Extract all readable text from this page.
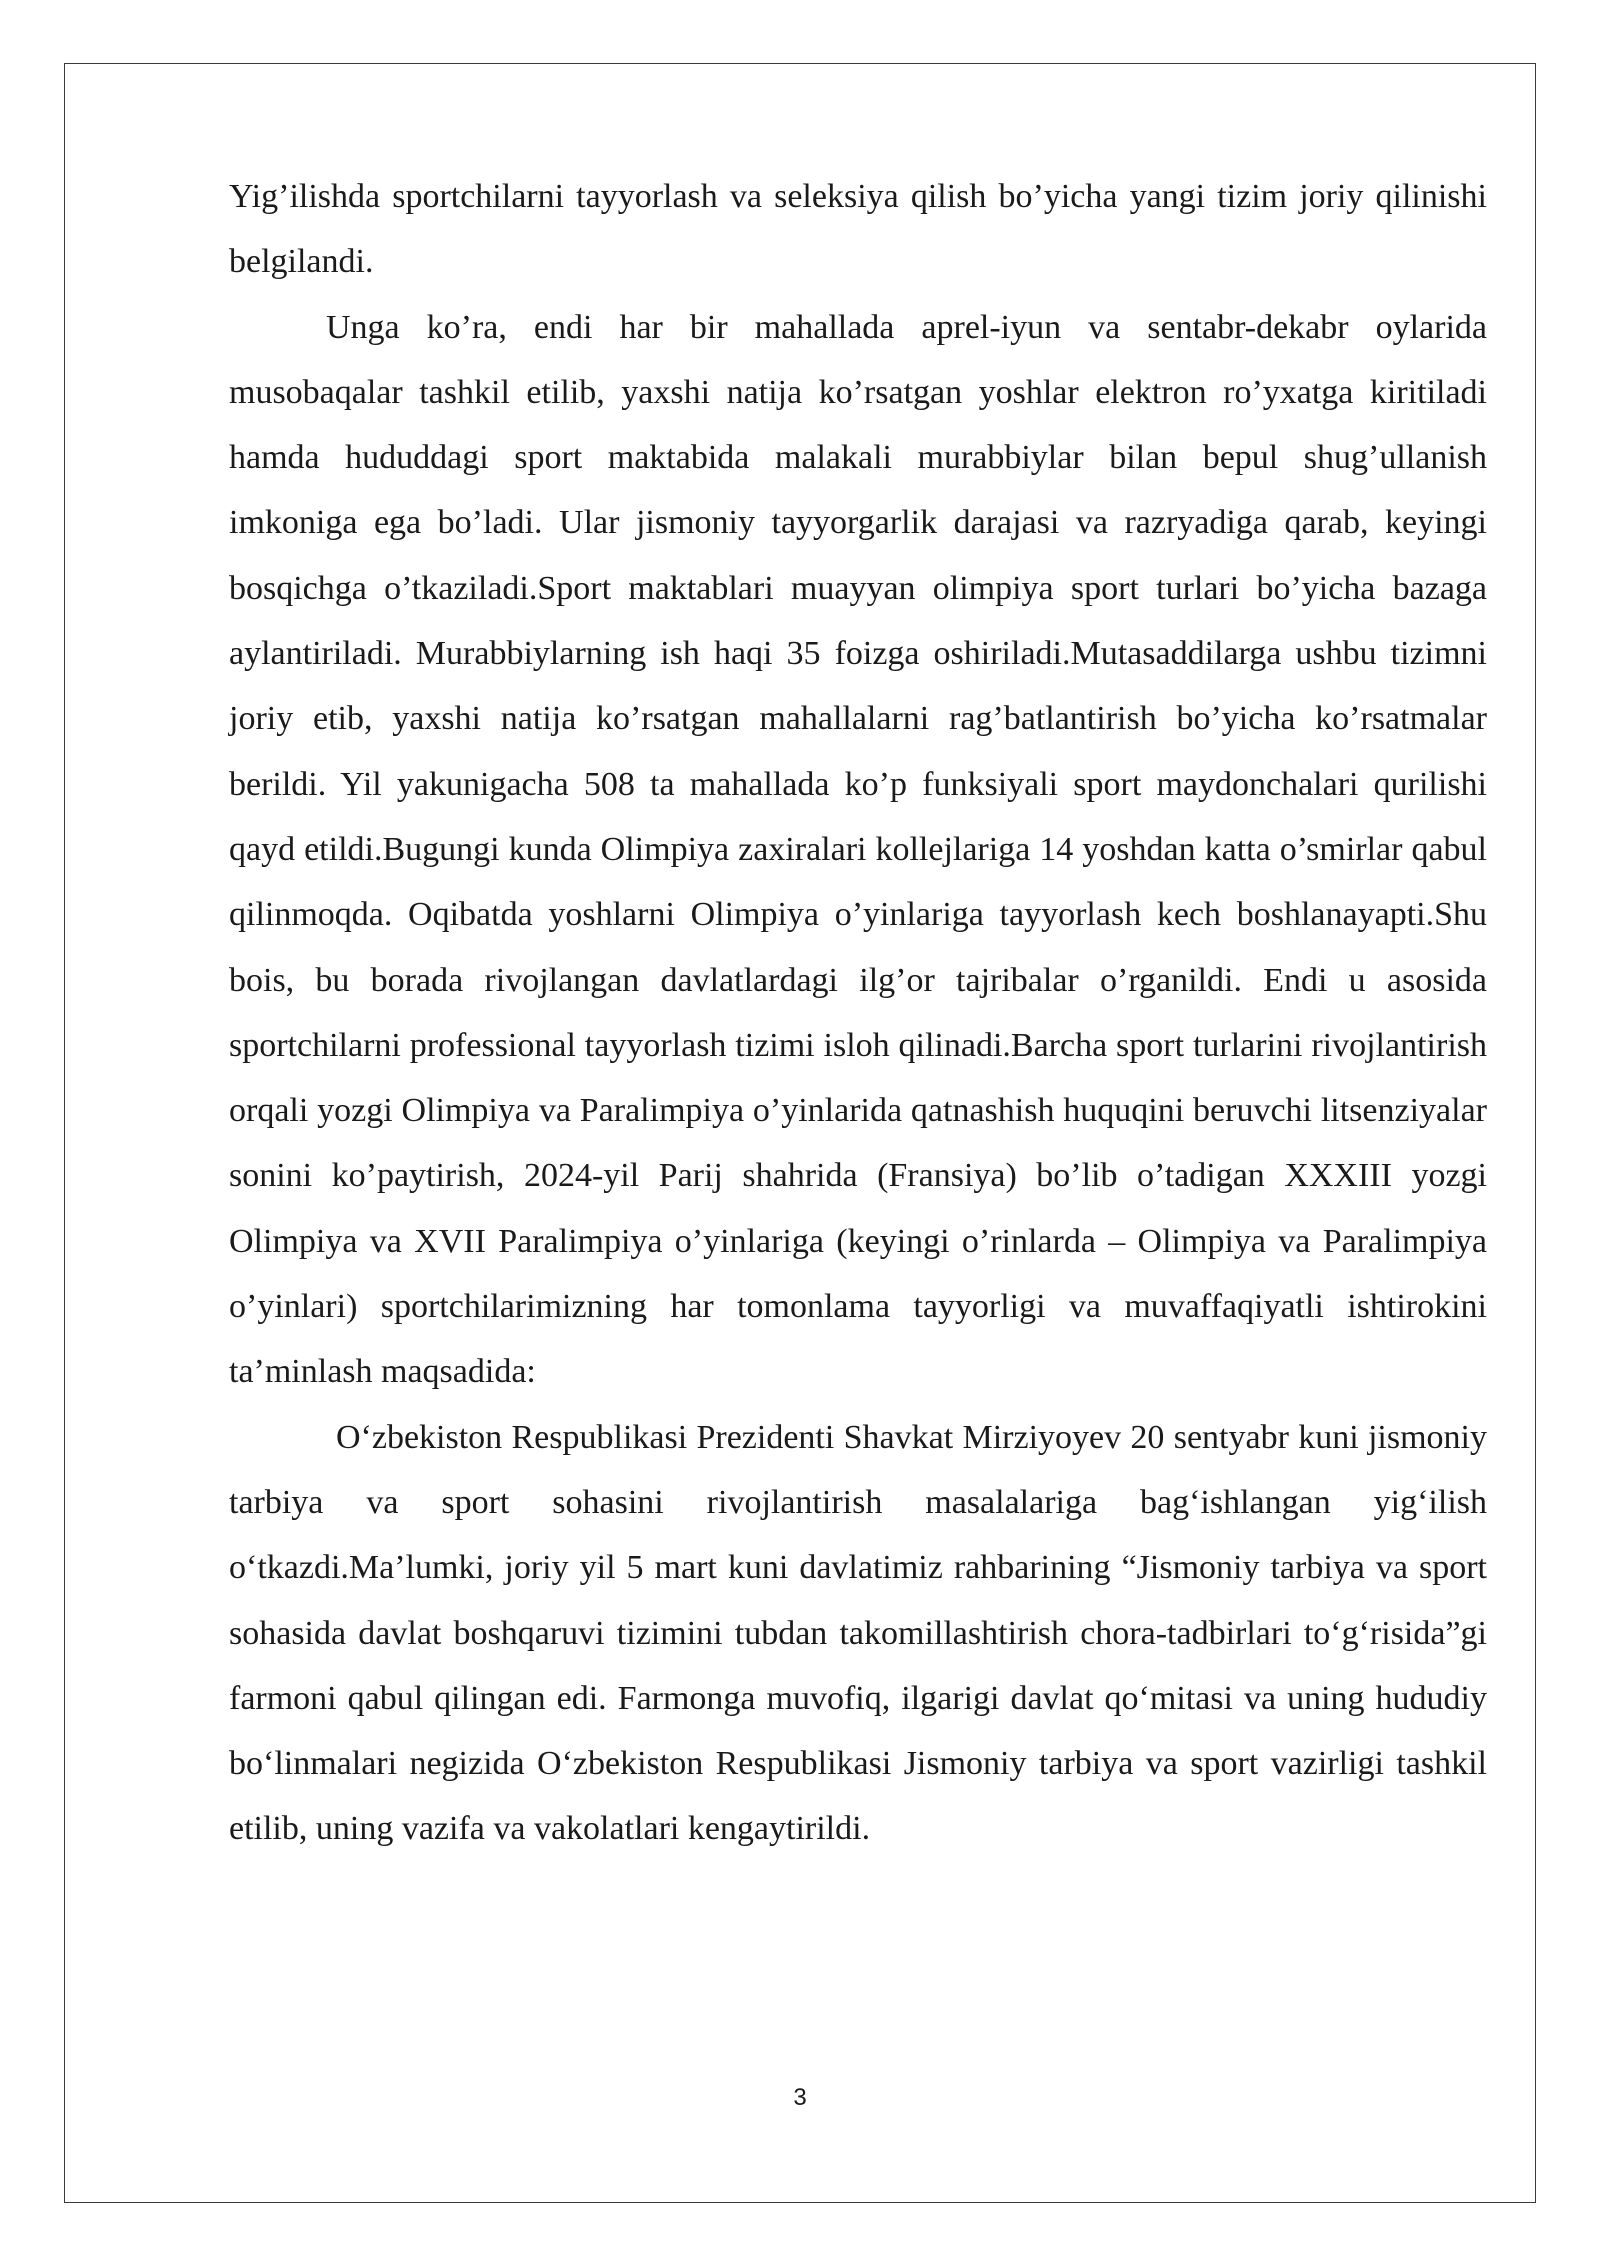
Yig’ilishda sportchilarni tayyorlash va seleksiya qilish bo’yicha yangi tizim joriy qilinishi belgilandi.

Unga ko’ra, endi har bir mahallada aprel-iyun va sentabr-dekabr oylarida musobaqalar tashkil etilib, yaxshi natija ko’rsatgan yoshlar elektron ro’yxatga kiritiladi hamda hududdagi sport maktabida malakali murabbiylar bilan bepul shug’ullanish imkoniga ega bo’ladi. Ular jismoniy tayyorgarlik darajasi va razryadiga qarab, keyingi bosqichga o’tkaziladi.Sport maktablari muayyan olimpiya sport turlari bo’yicha bazaga aylantiriladi. Murabbiylarning ish haqi 35 foizga oshiriladi.Mutasaddilarga ushbu tizimni joriy etib, yaxshi natija ko’rsatgan mahallalarni rag’batlantirish bo’yicha ko’rsatmalar berildi. Yil yakunigacha 508 ta mahallada ko’p funksiyali sport maydonchalari qurilishi qayd etildi.Bugungi kunda Olimpiya zaxiralari kollejlariga 14 yoshdan katta o’smirlar qabul qilinmoqda. Oqibatda yoshlarni Olimpiya o’yinlariga tayyorlash kech boshlanayapti.Shu bois, bu borada rivojlangan davlatlardagi ilg’or tajribalar o’rganildi. Endi u asosida sportchilarni professional tayyorlash tizimi isloh qilinadi.Barcha sport turlarini rivojlantirish orqali yozgi Olimpiya va Paralimpiya o’yinlarida qatnashish huquqini beruvchi litsenziyalar sonini ko’paytirish, 2024-yil Parij shahrida (Fransiya) bo’lib o’tadigan XXXIII yozgi Olimpiya va XVII Paralimpiya o’yinlariga (keyingi o’rinlarda – Olimpiya va Paralimpiya o’yinlari) sportchilarimizning har tomonlama tayyorligi va muvaffaqiyatli ishtirokini ta’minlash maqsadida:

O‘zbekiston Respublikasi Prezidenti Shavkat Mirziyoyev 20 sentyabr kuni jismoniy tarbiya va sport sohasini rivojlantirish masalalariga bag‘ishlangan yig‘ilish o‘tkazdi.Ma’lumki, joriy yil 5 mart kuni davlatimiz rahbarining “Jismoniy tarbiya va sport sohasida davlat boshqaruvi tizimini tubdan takomillashtirish chora-tadbirlari to‘g‘risida”gi farmoni qabul qilingan edi. Farmonga muvofiq, ilgarigi davlat qo‘mitasi va uning hududiy bo‘linmalari negizida O‘zbekiston Respublikasi Jismoniy tarbiya va sport vazirligi tashkil etilib, uning vazifa va vakolatlari kengaytirildi.

3
